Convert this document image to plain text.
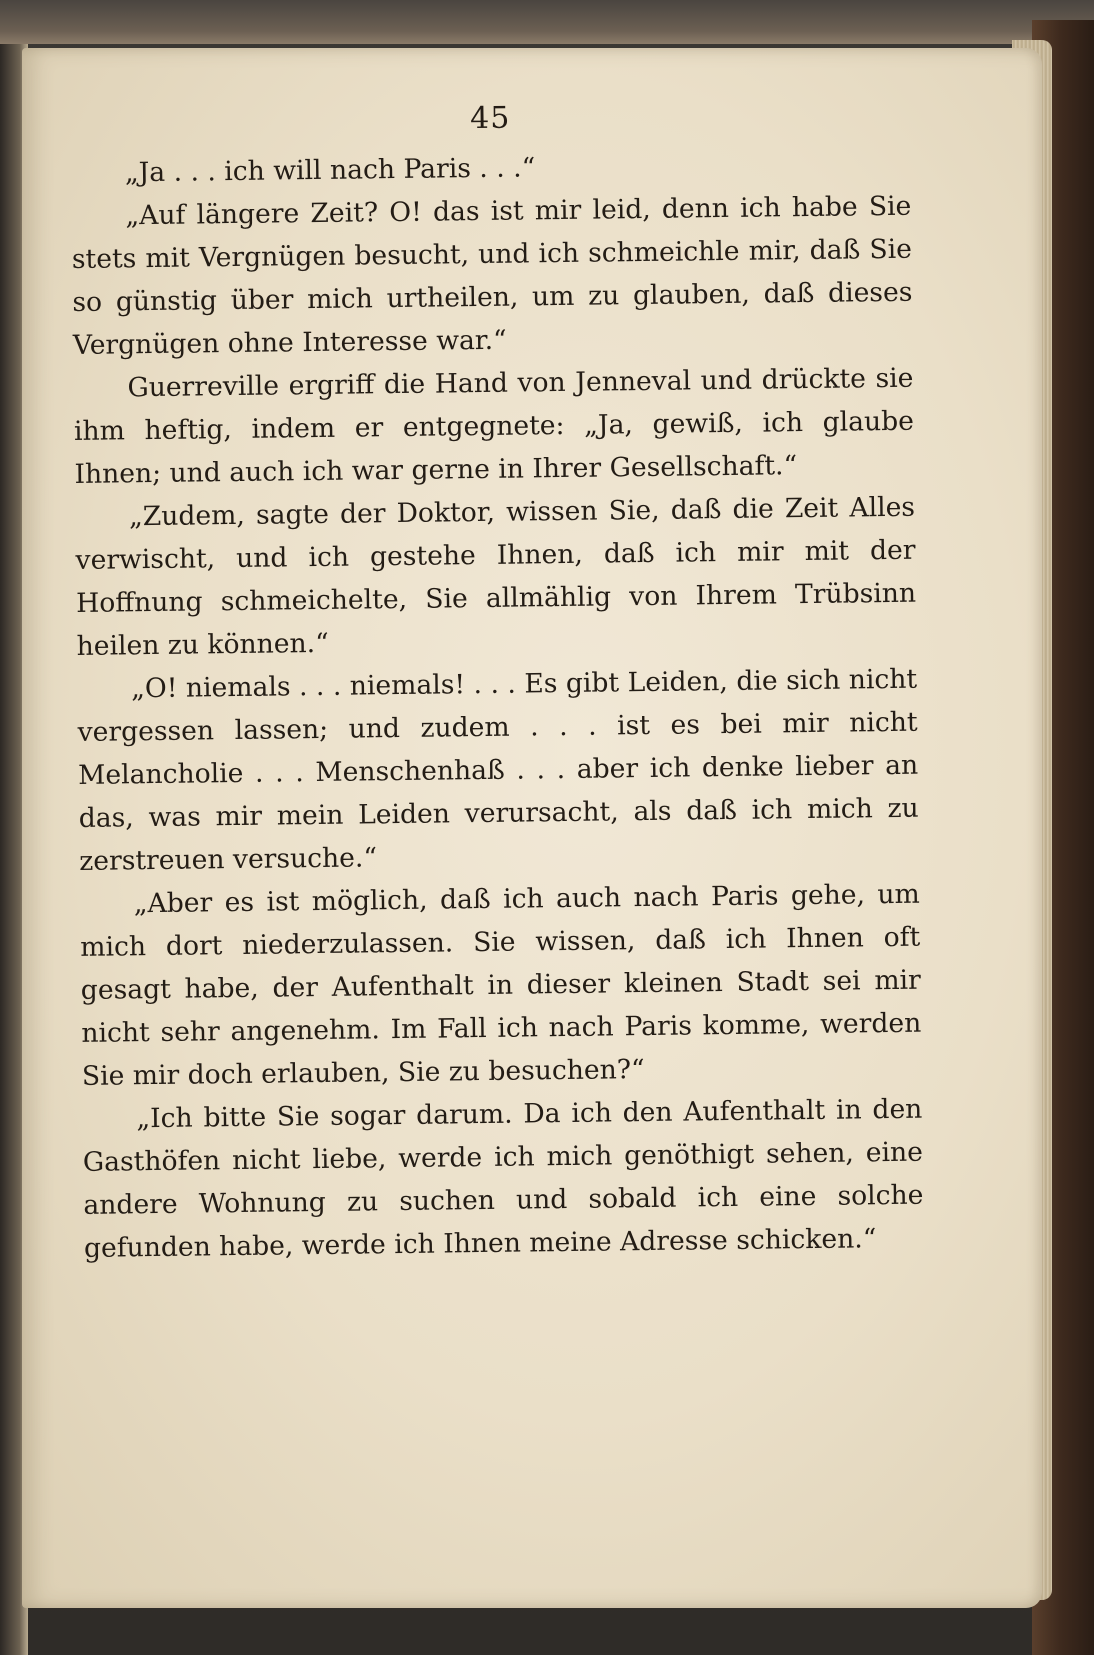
45

„Ja . . . ich will nach Paris . . .“

„Auf längere Zeit? O! das ist mir leid, denn ich habe Sie stets mit Vergnügen besucht, und ich schmeichle mir, daß Sie so günstig über mich urtheilen, um zu glauben, daß dieses Vergnügen ohne Interesse war.“

Guerreville ergriff die Hand von Jenneval und drückte sie ihm heftig, indem er entgegnete: „Ja, gewiß, ich glaube Ihnen; und auch ich war gerne in Ihrer Gesellschaft.“

„Zudem, sagte der Doktor, wissen Sie, daß die Zeit Alles verwischt, und ich gestehe Ihnen, daß ich mir mit der Hoffnung schmeichelte, Sie allmählig von Ihrem Trübsinn heilen zu können.“

„O! niemals . . . niemals! . . . Es gibt Leiden, die sich nicht vergessen lassen; und zudem . . . ist es bei mir nicht Melancholie . . . Menschenhaß . . . aber ich denke lieber an das, was mir mein Leiden verursacht, als daß ich mich zu zerstreuen versuche.“

„Aber es ist möglich, daß ich auch nach Paris gehe, um mich dort niederzulassen. Sie wissen, daß ich Ihnen oft gesagt habe, der Aufenthalt in dieser kleinen Stadt sei mir nicht sehr angenehm. Im Fall ich nach Paris komme, werden Sie mir doch erlauben, Sie zu besuchen?“

„Ich bitte Sie sogar darum. Da ich den Aufenthalt in den Gasthöfen nicht liebe, werde ich mich genöthigt sehen, eine andere Wohnung zu suchen und sobald ich eine solche gefunden habe, werde ich Ihnen meine Adresse schicken.“
